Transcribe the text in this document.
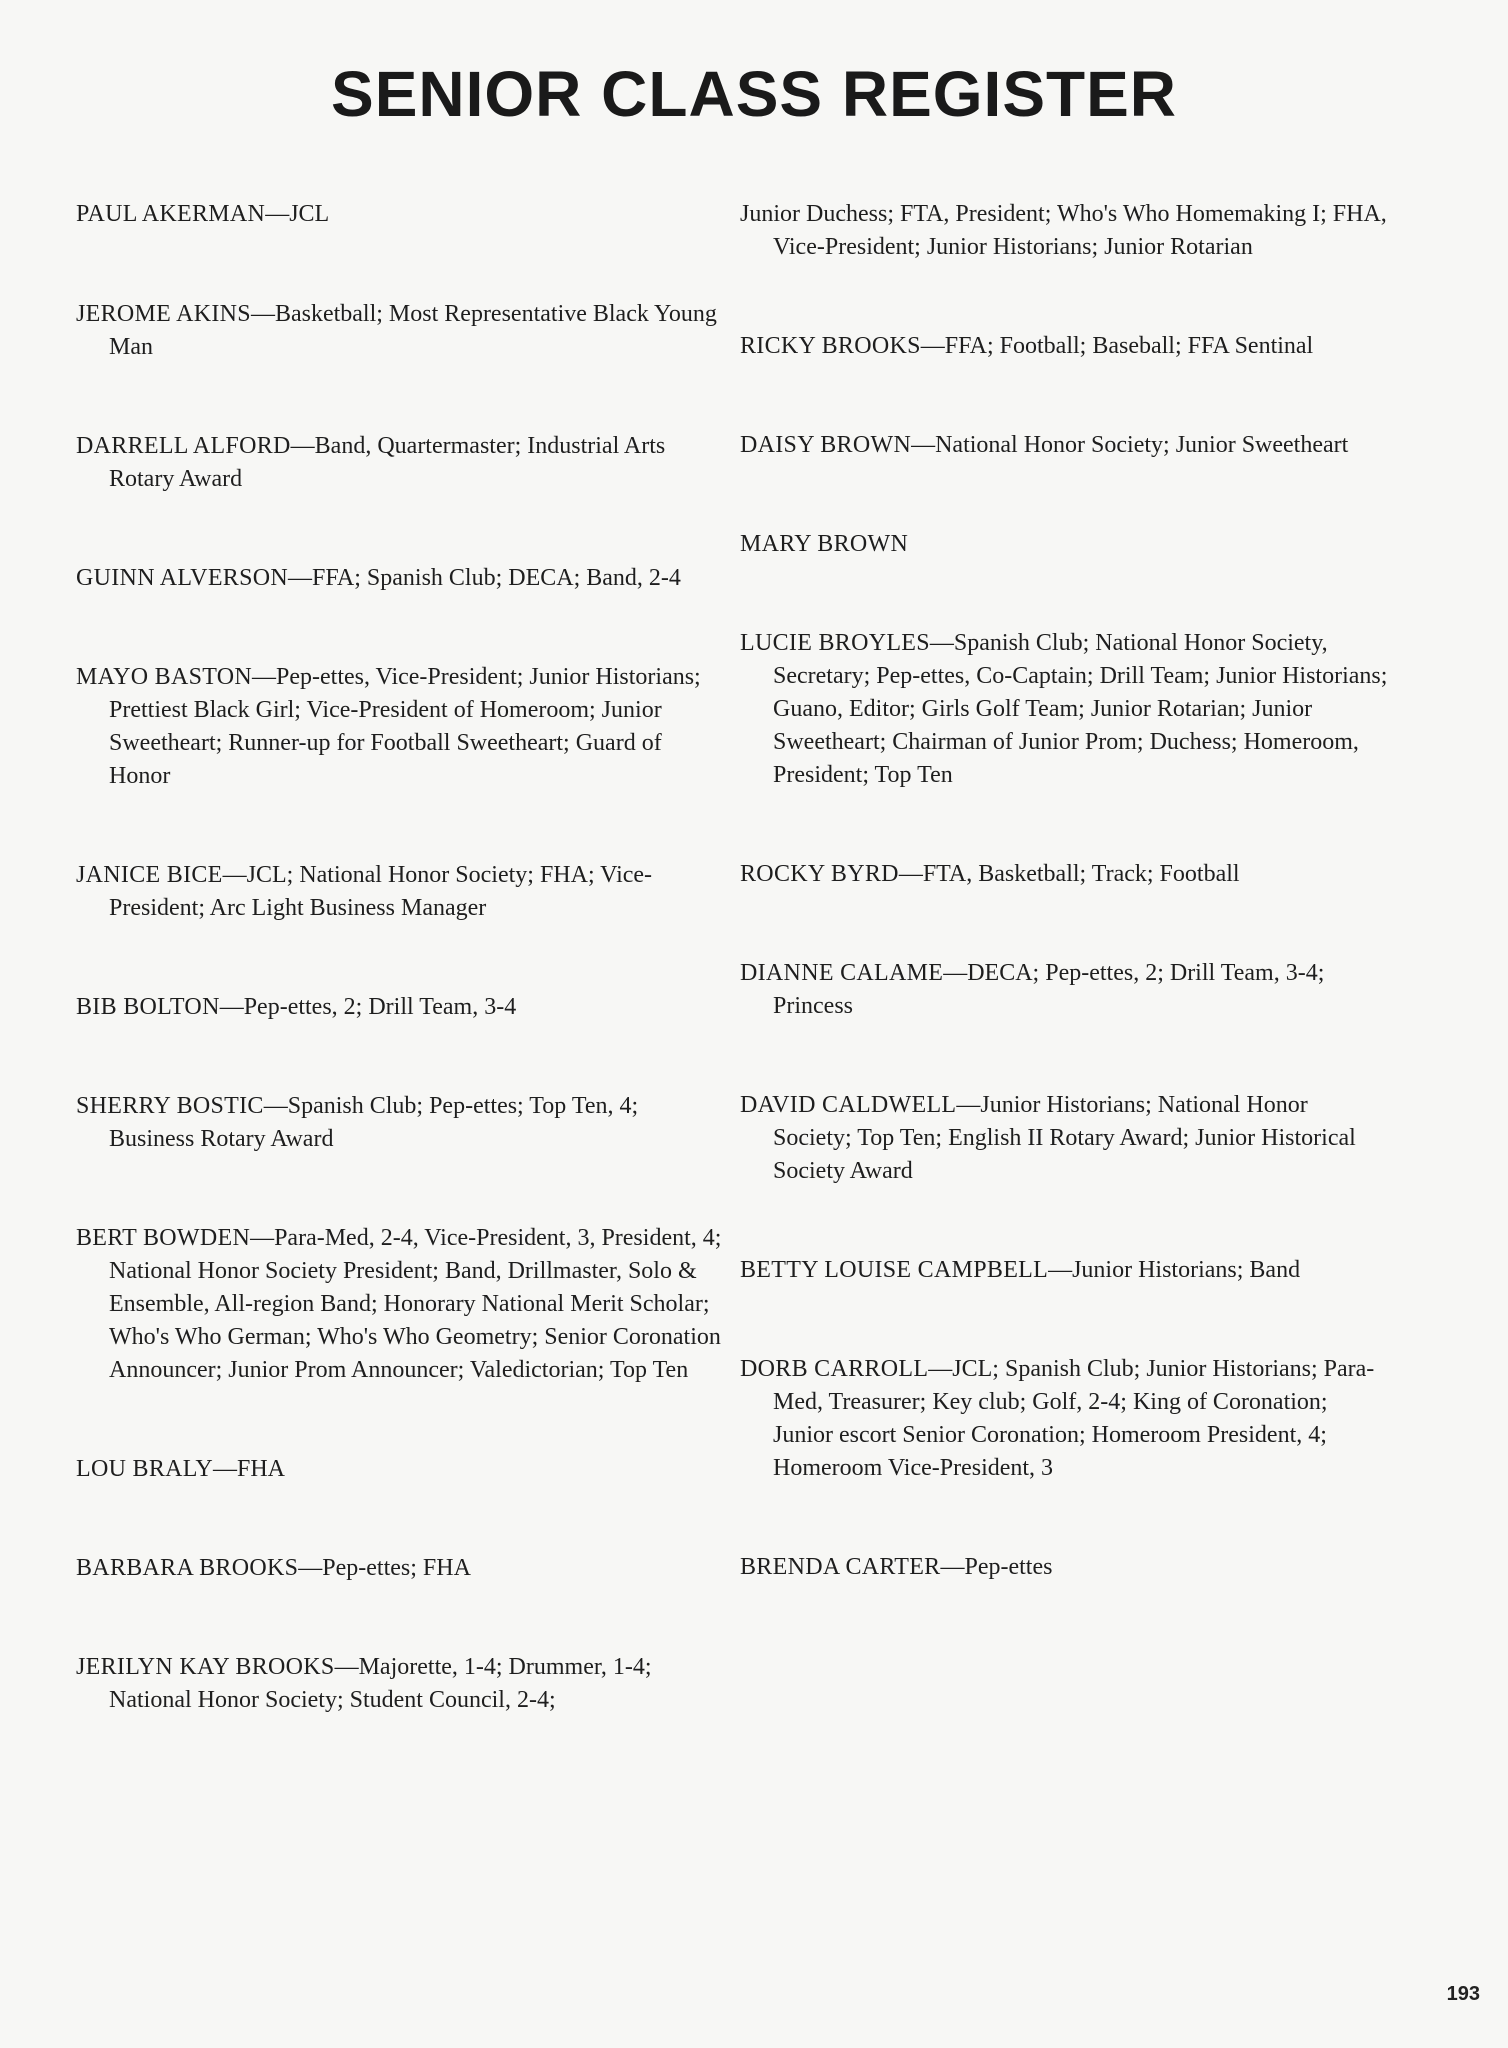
SENIOR CLASS REGISTER

PAUL AKERMAN—JCL

JEROME AKINS—Basketball; Most Representative Black Young Man

DARRELL ALFORD—Band, Quartermaster; Industrial Arts Rotary Award

GUINN ALVERSON—FFA; Spanish Club; DECA; Band, 2-4

MAYO BASTON—Pep-ettes, Vice-President; Junior Historians; Prettiest Black Girl; Vice-President of Homeroom; Junior Sweetheart; Runner-up for Football Sweetheart; Guard of Honor

JANICE BICE—JCL; National Honor Society; FHA; Vice-President; Arc Light Business Manager

BIB BOLTON—Pep-ettes, 2; Drill Team, 3-4

SHERRY BOSTIC—Spanish Club; Pep-ettes; Top Ten, 4; Business Rotary Award

BERT BOWDEN—Para-Med, 2-4, Vice-President, 3, President, 4; National Honor Society President; Band, Drillmaster, Solo & Ensemble, All-region Band; Honorary National Merit Scholar; Who's Who German; Who's Who Geometry; Senior Coronation Announcer; Junior Prom Announcer; Valedictorian; Top Ten

LOU BRALY—FHA

BARBARA BROOKS—Pep-ettes; FHA

JERILYN KAY BROOKS—Majorette, 1-4; Drummer, 1-4; National Honor Society; Student Council, 2-4;

Junior Duchess; FTA, President; Who's Who Homemaking I; FHA, Vice-President; Junior Historians; Junior Rotarian

RICKY BROOKS—FFA; Football; Baseball; FFA Sentinal

DAISY BROWN—National Honor Society; Junior Sweetheart

MARY BROWN

LUCIE BROYLES—Spanish Club; National Honor Society, Secretary; Pep-ettes, Co-Captain; Drill Team; Junior Historians; Guano, Editor; Girls Golf Team; Junior Rotarian; Junior Sweetheart; Chairman of Junior Prom; Duchess; Homeroom, President; Top Ten

ROCKY BYRD—FTA, Basketball; Track; Football

DIANNE CALAME—DECA; Pep-ettes, 2; Drill Team, 3-4; Princess

DAVID CALDWELL—Junior Historians; National Honor Society; Top Ten; English II Rotary Award; Junior Historical Society Award

BETTY LOUISE CAMPBELL—Junior Historians; Band

DORB CARROLL—JCL; Spanish Club; Junior Historians; Para-Med, Treasurer; Key club; Golf, 2-4; King of Coronation; Junior escort Senior Coronation; Homeroom President, 4; Homeroom Vice-President, 3

BRENDA CARTER—Pep-ettes

193
